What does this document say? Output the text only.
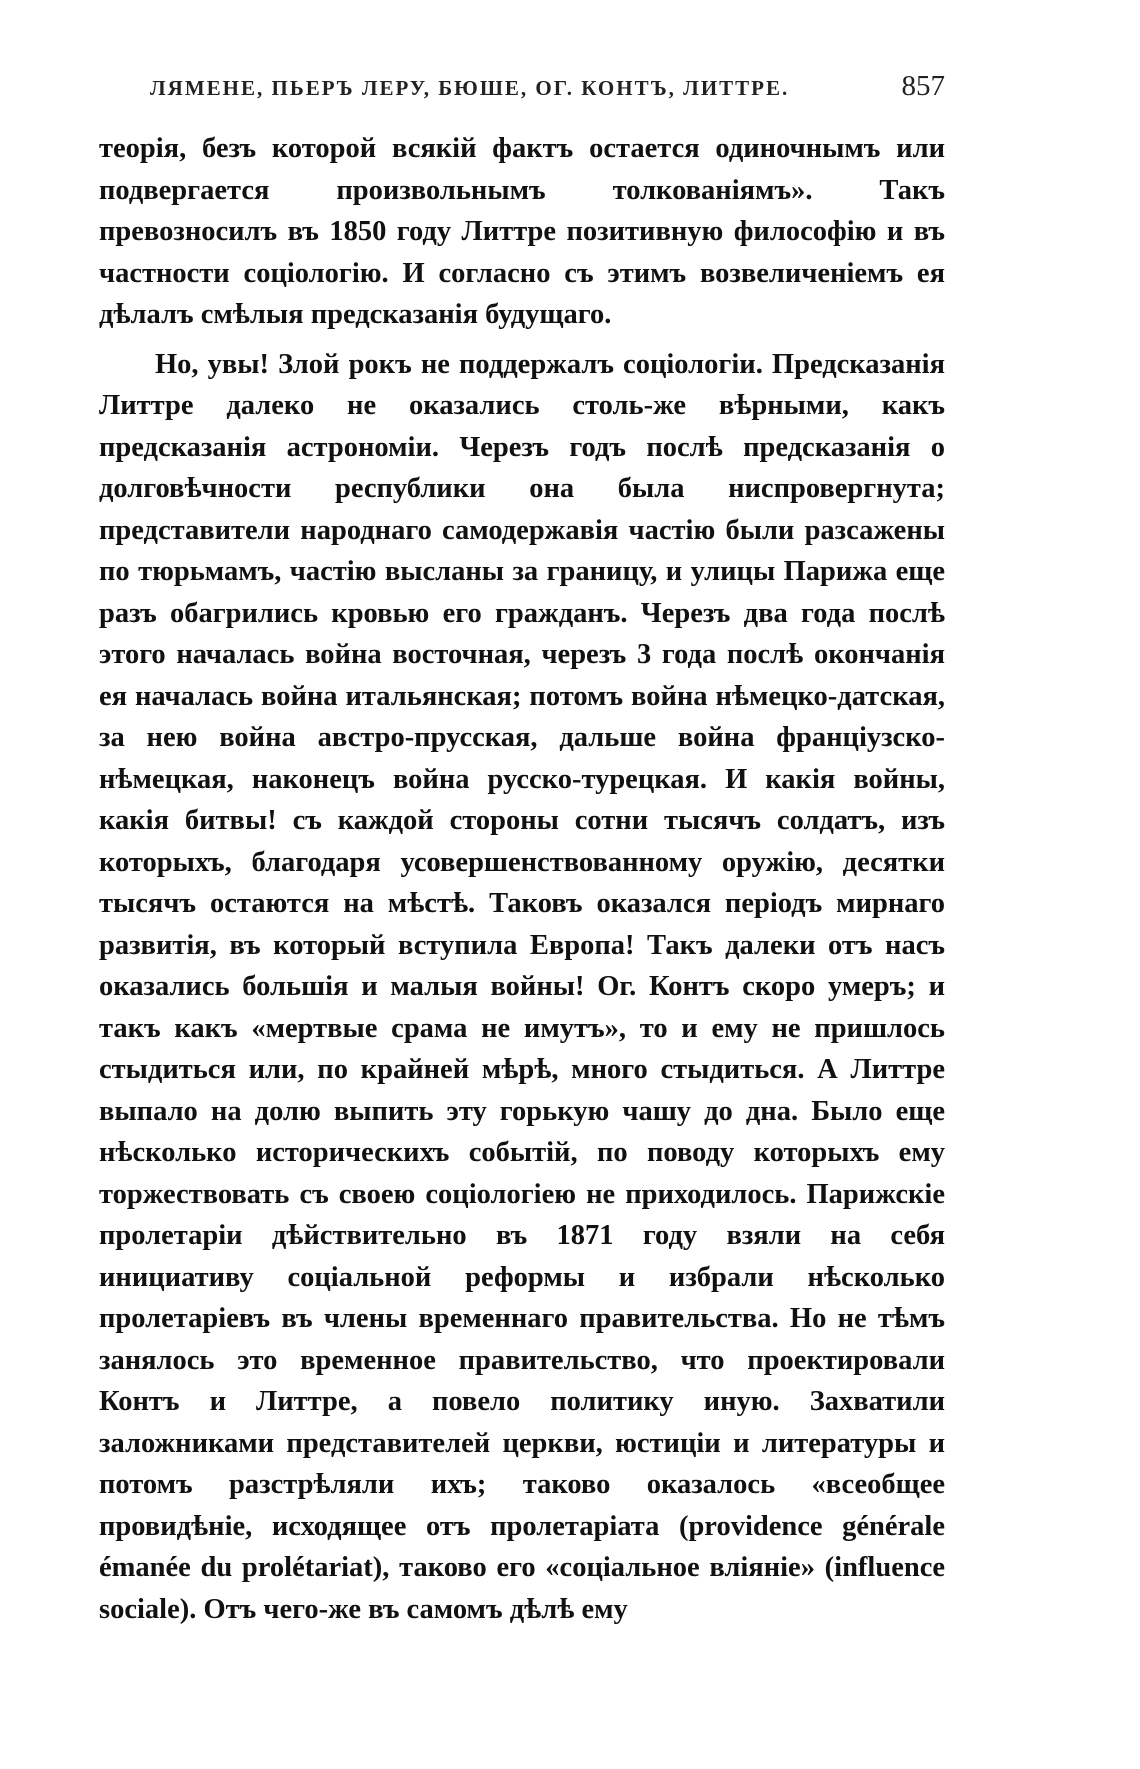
ЛЯМЕНЕ, ПЬЕРЪ ЛЕРУ, БЮШЕ, ОГ. КОНТЪ, ЛИТТРЕ.	857

теорія, безъ которой всякій фактъ остается одиночнымъ или подвергается произвольнымъ толкованіямъ». Такъ превозносилъ въ 1850 году Литтре позитивную философію и въ частности соціологію. И согласно съ этимъ возвеличеніемъ ея дѣлалъ смѣлыя предсказанія будущаго.

Но, увы! Злой рокъ не поддержалъ соціологіи. Предсказанія Литтре далеко не оказались столь-же вѣрными, какъ предсказанія астрономіи. Черезъ годъ послѣ предсказанія о долговѣчности республики она была ниспровергнута; представители народнаго самодержавія частію были разсажены по тюрьмамъ, частію высланы за границу, и улицы Парижа еще разъ обагрились кровью его гражданъ. Черезъ два года послѣ этого началась война восточная, черезъ 3 года послѣ окончанія ея началась война итальянская; потомъ война нѣмецко-датская, за нею война австро-прусская, дальше война франціузско-нѣмецкая, наконецъ война русско-турецкая. И какія войны, какія битвы! съ каждой стороны сотни тысячъ солдатъ, изъ которыхъ, благодаря усовершенствованному оружію, десятки тысячъ остаются на мѣстѣ. Таковъ оказался періодъ мирнаго развитія, въ который вступила Европа! Такъ далеки отъ насъ оказались большія и малыя войны! Ог. Контъ скоро умеръ; и такъ какъ «мертвые срама не имутъ», то и ему не пришлось стыдиться или, по крайней мѣрѣ, много стыдиться. А Литтре выпало на долю выпить эту горькую чашу до дна. Было еще нѣсколько историческихъ событій, по поводу которыхъ ему торжествовать съ своею соціологіею не приходилось. Парижскіе пролетаріи дѣйствительно въ 1871 году взяли на себя инициативу соціальной реформы и избрали нѣсколько пролетаріевъ въ члены временнаго правительства. Но не тѣмъ занялось это временное правительство, что проектировали Контъ и Литтре, а повело политику иную. Захватили заложниками представителей церкви, юстиціи и литературы и потомъ разстрѣляли ихъ; таково оказалось «всеобщее провидѣніе, исходящее отъ пролетаріата (providence générale émanée du prolétariat), таково его «соціальное вліяніе» (influence sociale). Отъ чего-же въ самомъ дѣлѣ ему
